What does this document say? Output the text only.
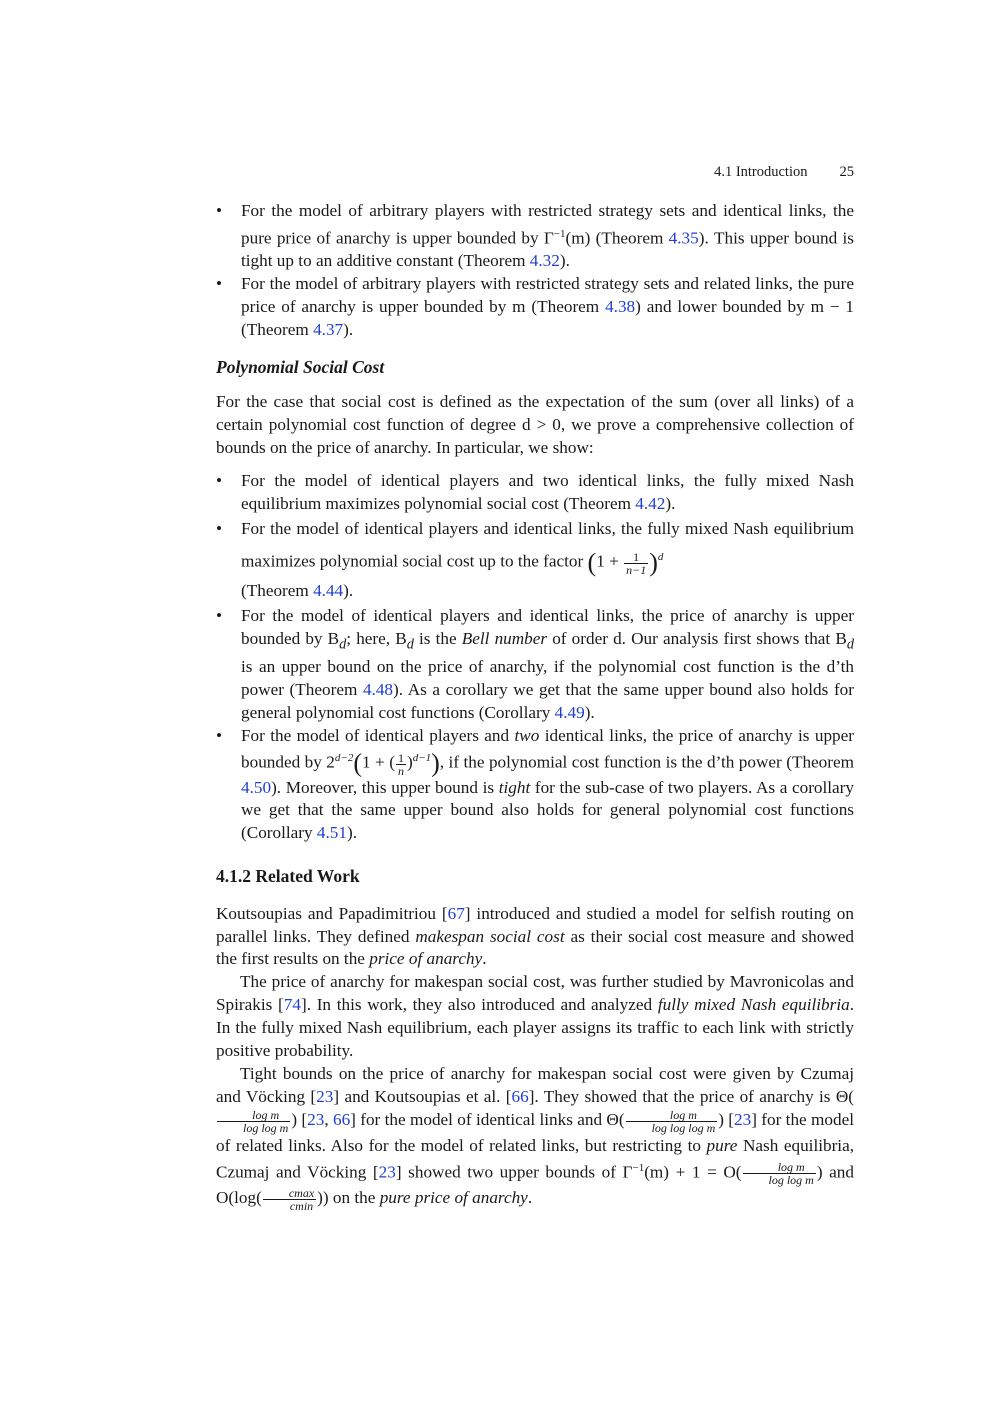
4.1 Introduction 25
• For the model of arbitrary players with restricted strategy sets and identical links, the pure price of anarchy is upper bounded by $\Gamma^{-1}(m)$ (Theorem 4.35). This upper bound is tight up to an additive constant (Theorem 4.32).
• For the model of arbitrary players with restricted strategy sets and related links, the pure price of anarchy is upper bounded by m (Theorem 4.38) and lower bounded by m − 1 (Theorem 4.37).
Polynomial Social Cost

For the case that social cost is defined as the expectation of the sum (over all links) of a certain polynomial cost function of degree d > 0, we prove a comprehensive collection of bounds on the price of anarchy. In particular, we show:

• For the model of identical players and two identical links, the fully mixed Nash equilibrium maximizes polynomial social cost (Theorem 4.42).
• For the model of identical players and identical links, the fully mixed Nash equilibrium maximizes polynomial social cost up to the factor $(1 + \frac{1}{n-1} )^d$
(Theorem 4.44).
• For the model of identical players and identical links, the price of anarchy is upper bounded by $B_d$; here, $B_d$ is the Bell number of order d. Our analysis first shows that $B_d$ is an upper bound on the price of anarchy, if the polynomial cost function is the d’th power (Theorem 4.48). As a corollary we get that the same upper bound also holds for general polynomial cost functions (Corollary 4.49).
• For the model of identical players and two identical links, the price of anarchy is upper bounded by $2^{d-2}(1$ + ( $\frac{1}{n} )^{d-1}$), if the polynomial cost function is the d’th power (Theorem 4.50). Moreover, this upper bound is tight for the sub-case of two players. As a corollary we get that the same upper bound also holds for general polynomial cost functions (Corollary 4.51).
4.1.2 Related Work

Koutsoupias and Papadimitriou [67] introduced and studied a model for selfish routing on parallel links. They defined makespan social cost as their social cost measure and showed the first results on the price of anarchy.

The price of anarchy for makespan social cost, was further studied by Mavronicolas and Spirakis [74]. In this work, they also introduced and analyzed fully mixed Nash equilibria. In the fully mixed Nash equilibrium, each player assigns its traffic to each link with strictly positive probability.

Tight bounds on the price of anarchy for makespan social cost were given by Czumaj and Vöcking [23] and Koutsoupias et al. [66]. They showed that the price of anarchy is Θ(
$\frac{\text{log m}}{\text{log log m}}$ ) [23, 66] for the model of identical links and $\Theta( \frac{\text{log m}}{\text{log log log m}}$ ) [23] for the model of related links. Also for the model of related links, but restricting to pure Nash equilibria, Czumaj and Vöcking [23] showed two upper bounds of $\Gamma^{-1}(m) + 1 = O( \frac{\text{log m}}{\text{log log m}}$ ) and $O(\log( \frac{cmax}{cmin}$ )) on the pure price of anarchy.
